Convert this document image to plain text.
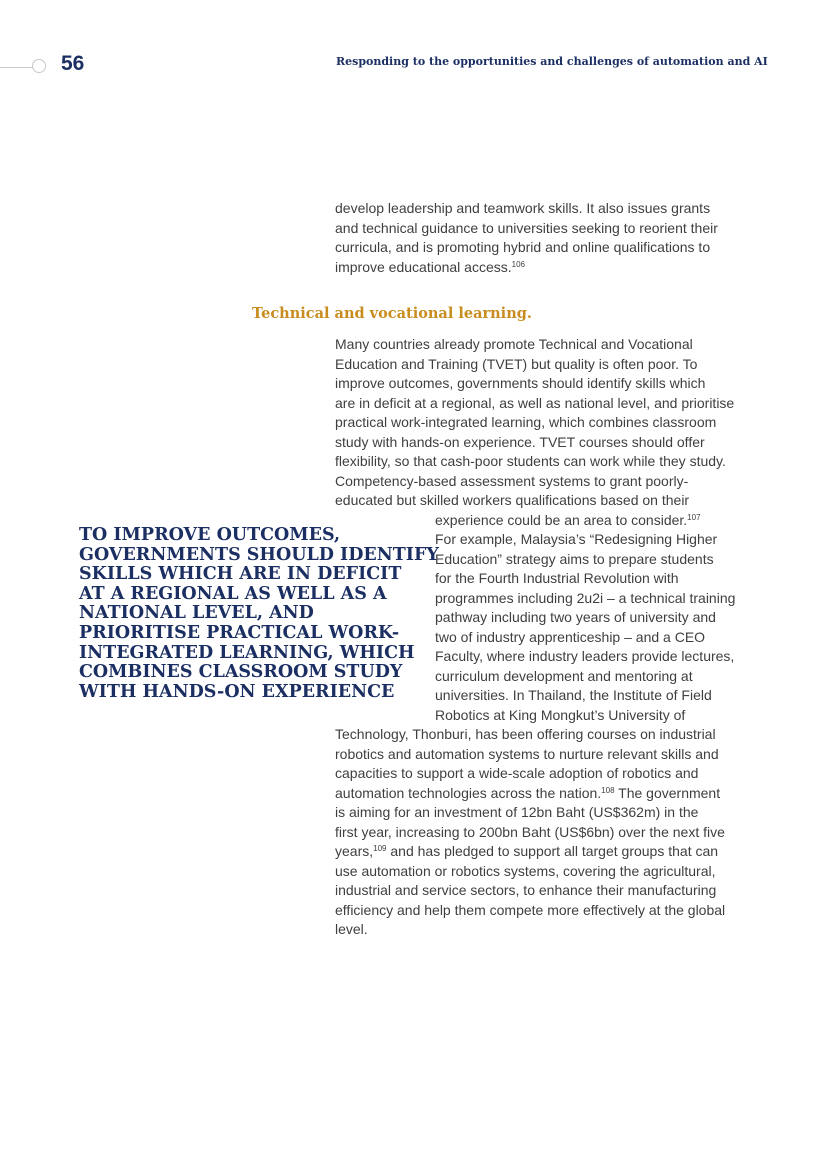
56	Responding to the opportunities and challenges of automation and AI
develop leadership and teamwork skills. It also issues grants
and technical guidance to universities seeking to reorient their
curricula, and is promoting hybrid and online qualifications to
improve educational access.$^{106}$
Technical and vocational learning.
Many countries already promote Technical and Vocational
Education and Training (TVET) but quality is often poor. To
improve outcomes, governments should identify skills which
are in deficit at a regional, as well as national level, and prioritise
practical work-integrated learning, which combines classroom
study with hands-on experience. TVET courses should offer
flexibility, so that cash-poor students can work while they study.
Competency-based assessment systems to grant poorly-
educated but skilled workers qualifications based on their
experience could be an area to consider.$^{107}$
For example, Malaysia’s “Redesigning Higher
Education” strategy aims to prepare students
for the Fourth Industrial Revolution with
programmes including 2u2i – a technical training
pathway including two years of university and
two of industry apprenticeship – and a CEO
Faculty, where industry leaders provide lectures,
curriculum development and mentoring at
universities. In Thailand, the Institute of Field
Robotics at King Mongkut’s University of
Technology, Thonburi, has been offering courses on industrial
robotics and automation systems to nurture relevant skills and
capacities to support a wide-scale adoption of robotics and
automation technologies across the nation.$^{108}$ The government
is aiming for an investment of 12bn Baht (US$362m) in the
first year, increasing to 200bn Baht (US$6bn) over the next five
years,$^{109}$ and has pledged to support all target groups that can
use automation or robotics systems, covering the agricultural,
industrial and service sectors, to enhance their manufacturing
efficiency and help them compete more effectively at the global
level.
TO IMPROVE OUTCOMES,
GOVERNMENTS SHOULD IDENTIFY
SKILLS WHICH ARE IN DEFICIT
AT A REGIONAL AS WELL AS A
NATIONAL LEVEL, AND
PRIORITISE PRACTICAL WORK-
INTEGRATED LEARNING, WHICH
COMBINES CLASSROOM STUDY
WITH HANDS-ON EXPERIENCE
